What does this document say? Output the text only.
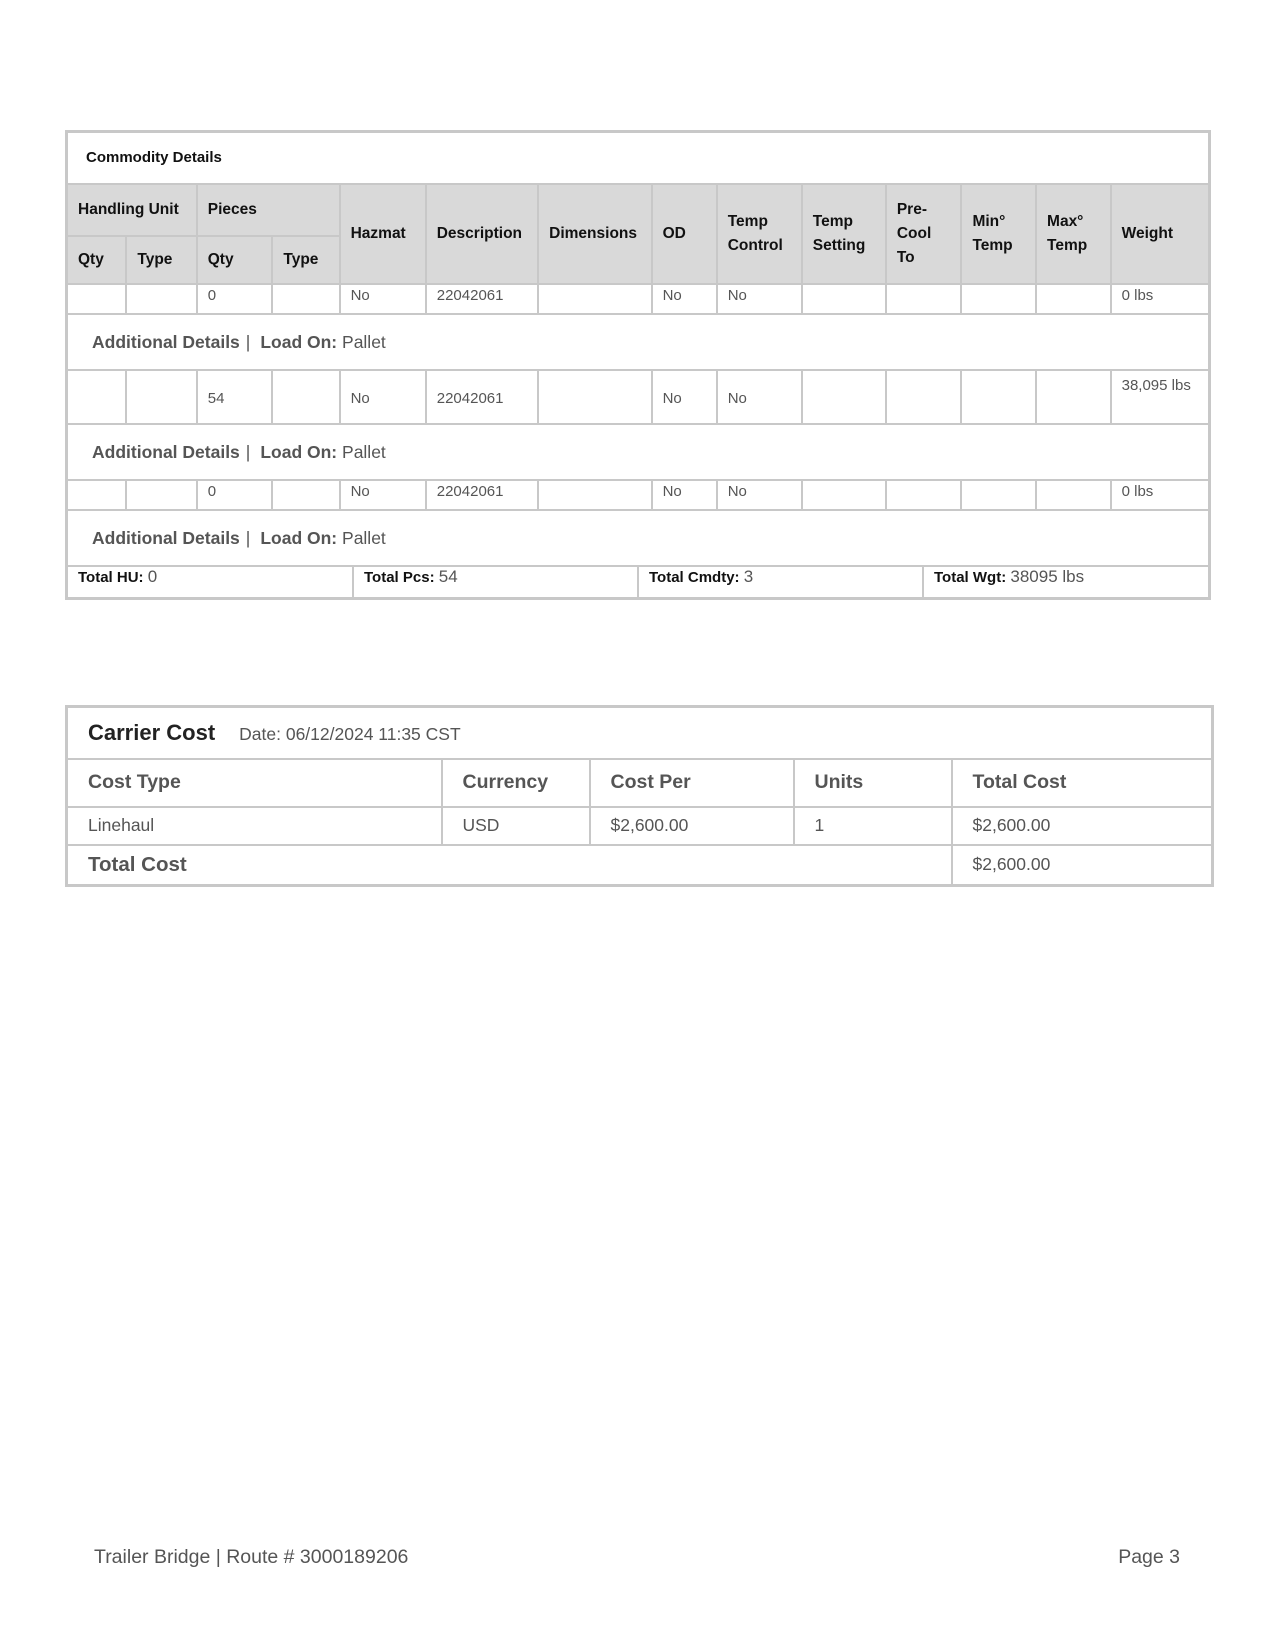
Commodity Details
Handling Unit	Pieces	Hazmat	Description	Dimensions	OD	Temp Control	Temp Setting	Pre-Cool To	Min° Temp	Max° Temp	Weight
Qty	Type	Qty	Type
		0		No	22042061		No	No					0 lbs
Additional Details | Load On: Pallet
		54		No	22042061		No	No					38,095 lbs
Additional Details | Load On: Pallet
		0		No	22042061		No	No					0 lbs
Additional Details | Load On: Pallet

Total HU: 0	Total Pcs: 54	Total Cmdty: 3	Total Wgt: 38095 lbs
Carrier Cost Date: 06/12/2024 11:35 CST				
Cost Type	Currency	Cost Per	Units	Total Cost
Linehaul	USD	$2,600.00	1	$2,600.00
Total Cost				$2,600.00
Trailer Bridge | Route # 3000189206	Page 3
